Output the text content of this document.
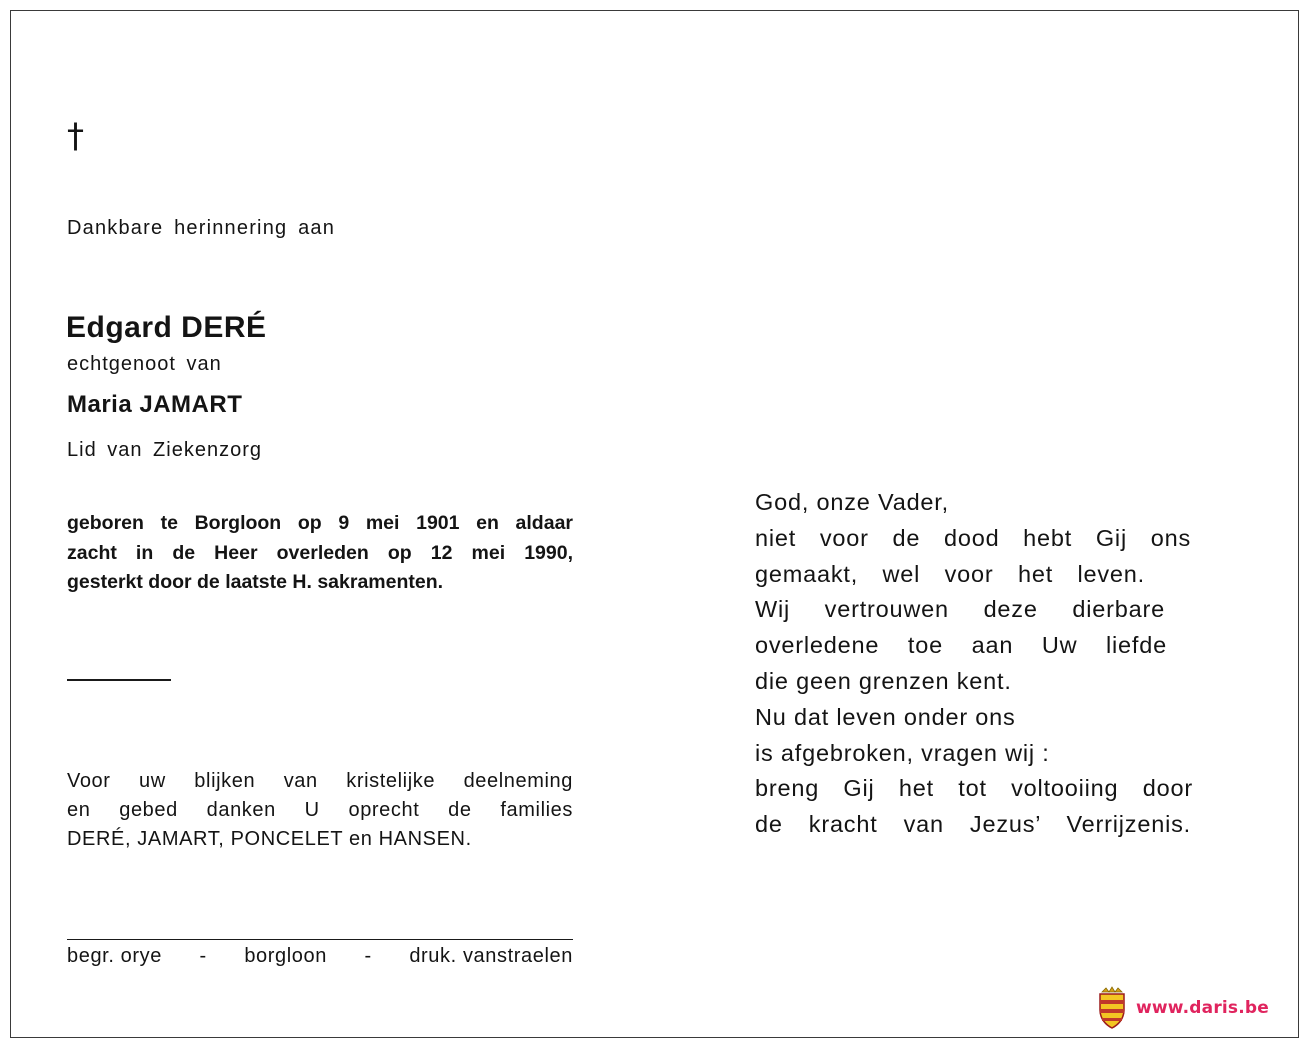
†
Dankbare herinnering aan
Edgard DERÉ
echtgenoot van
Maria JAMART
Lid van Ziekenzorg
geboren te Borgloon op 9 mei 1901 en aldaar
zacht in de Heer overleden op 12 mei 1990,
gesterkt door de laatste H. sakramenten.
Voor uw blijken van kristelijke deelneming
en gebed danken U oprecht de families
DERÉ, JAMART, PONCELET en HANSEN.
begr. orye - borgloon - druk. vanstraelen
God, onze Vader,
niet voor de dood hebt Gij ons
gemaakt, wel voor het leven.
Wij vertrouwen deze dierbare
overledene toe aan Uw liefde
die geen grenzen kent.
Nu dat leven onder ons
is afgebroken, vragen wij :
breng Gij het tot voltooiing door
de kracht van Jezus’ Verrijzenis.
www.daris.be
